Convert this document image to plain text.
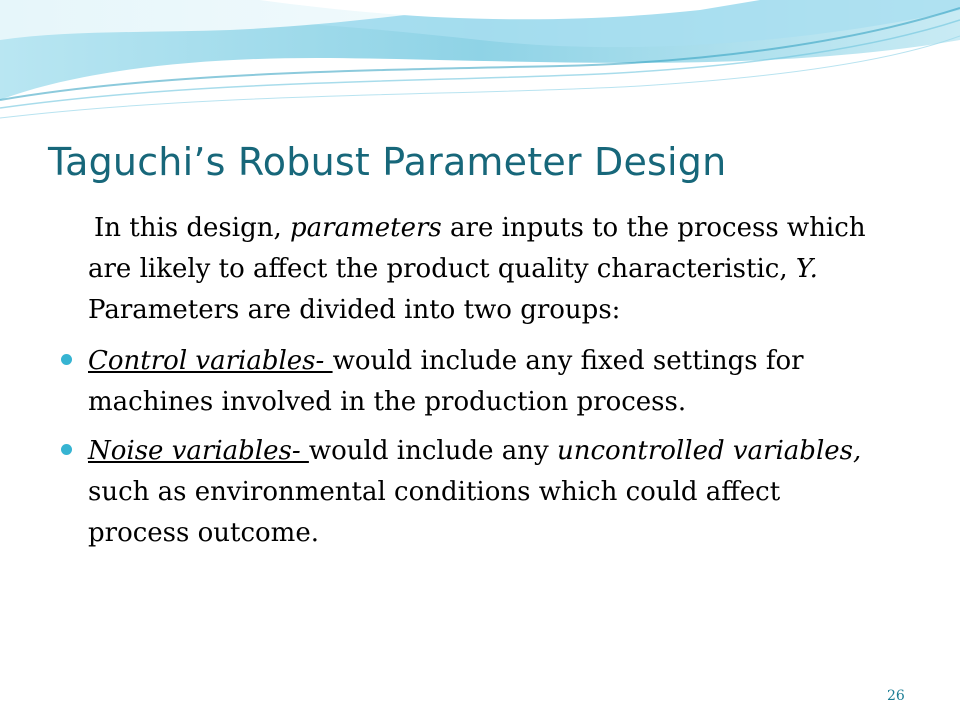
Taguchi’s Robust Parameter Design

In this design, parameters are inputs to the process which are likely to affect the product quality characteristic, Y. Parameters are divided into two groups:

Control variables- would include any fixed settings for machines involved in the production process.

Noise variables- would include any uncontrolled variables, such as environmental conditions which could affect process outcome.

26
